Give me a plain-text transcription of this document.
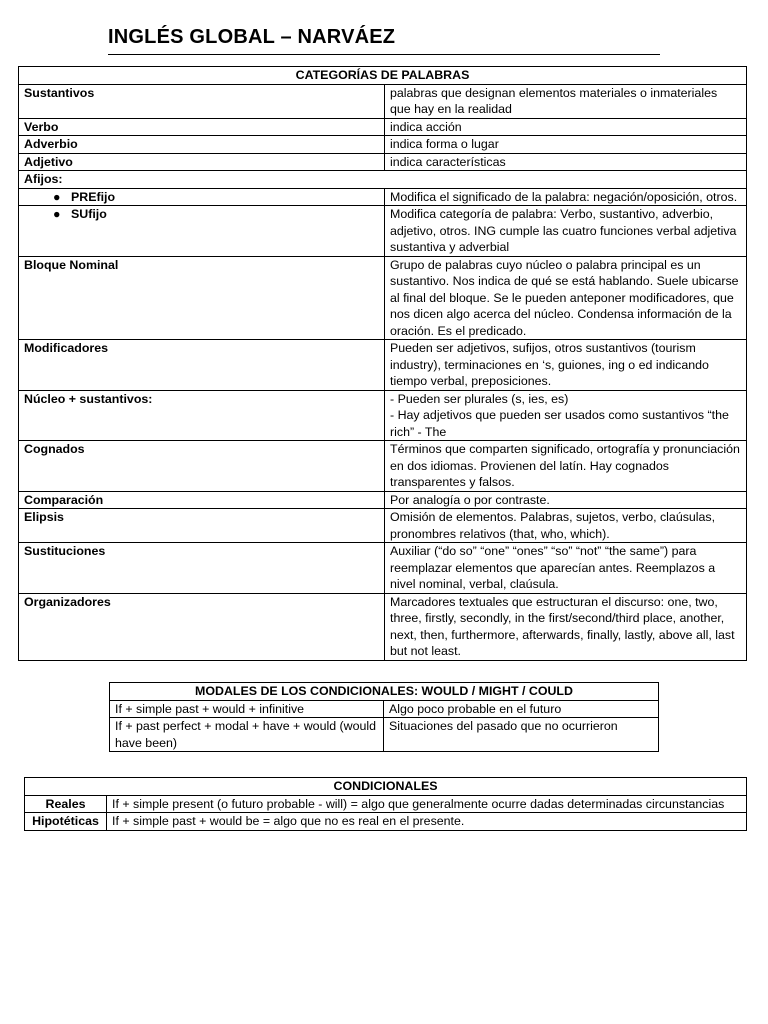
INGLÉS GLOBAL – NARVÁEZ
CATEGORÍAS DE PALABRAS	
Sustantivos	palabras que designan elementos materiales o inmateriales que hay en la realidad
Verbo	indica acción
Adverbio	indica forma o lugar
Adjetivo	indica características
Afijos:	
● PREfijo	Modifica el significado de la palabra: negación/oposición, otros.
● SUfijo	Modifica categoría de palabra: Verbo, sustantivo, adverbio, adjetivo, otros. ING cumple las cuatro funciones verbal adjetiva sustantiva y adverbial
Bloque Nominal	Grupo de palabras cuyo núcleo o palabra principal es un sustantivo. Nos indica de qué se está hablando. Suele ubicarse al final del bloque. Se le pueden anteponer modificadores, que nos dicen algo acerca del núcleo. Condensa información de la oración. Es el predicado.
Modificadores	Pueden ser adjetivos, sufijos, otros sustantivos (tourism industry), terminaciones en ‘s, guiones, ing o ed indicando tiempo verbal, preposiciones.
Núcleo + sustantivos:	- Pueden ser plurales (s, ies, es)
- Hay adjetivos que pueden ser usados como sustantivos “the rich” - The

Cognados	Términos que comparten significado, ortografía y pronunciación en dos idiomas. Provienen del latín. Hay cognados transparentes y falsos.
Comparación	Por analogía o por contraste.
Elipsis	Omisión de elementos. Palabras, sujetos, verbo, claúsulas, pronombres relativos (that, who, which).
Sustituciones	Auxiliar (“do so” “one” “ones” “so” “not” “the same”) para reemplazar elementos que aparecían antes. Reemplazos a nivel nominal, verbal, claúsula.
Organizadores	Marcadores textuales que estructuran el discurso: one, two, three, firstly, secondly, in the first/second/third place, another, next, then, furthermore, afterwards, finally, lastly, above all, last but not least.
MODALES DE LOS CONDICIONALES: WOULD / MIGHT / COULD	
If + simple past + would + infinitive	Algo poco probable en el futuro
If + past perfect + modal + have + would (would have been)	Situaciones del pasado que no ocurrieron
CONDICIONALES	
Reales	If + simple present (o futuro probable - will) = algo que generalmente ocurre dadas determinadas circunstancias
Hipotéticas	If + simple past + would be = algo que no es real en el presente.
